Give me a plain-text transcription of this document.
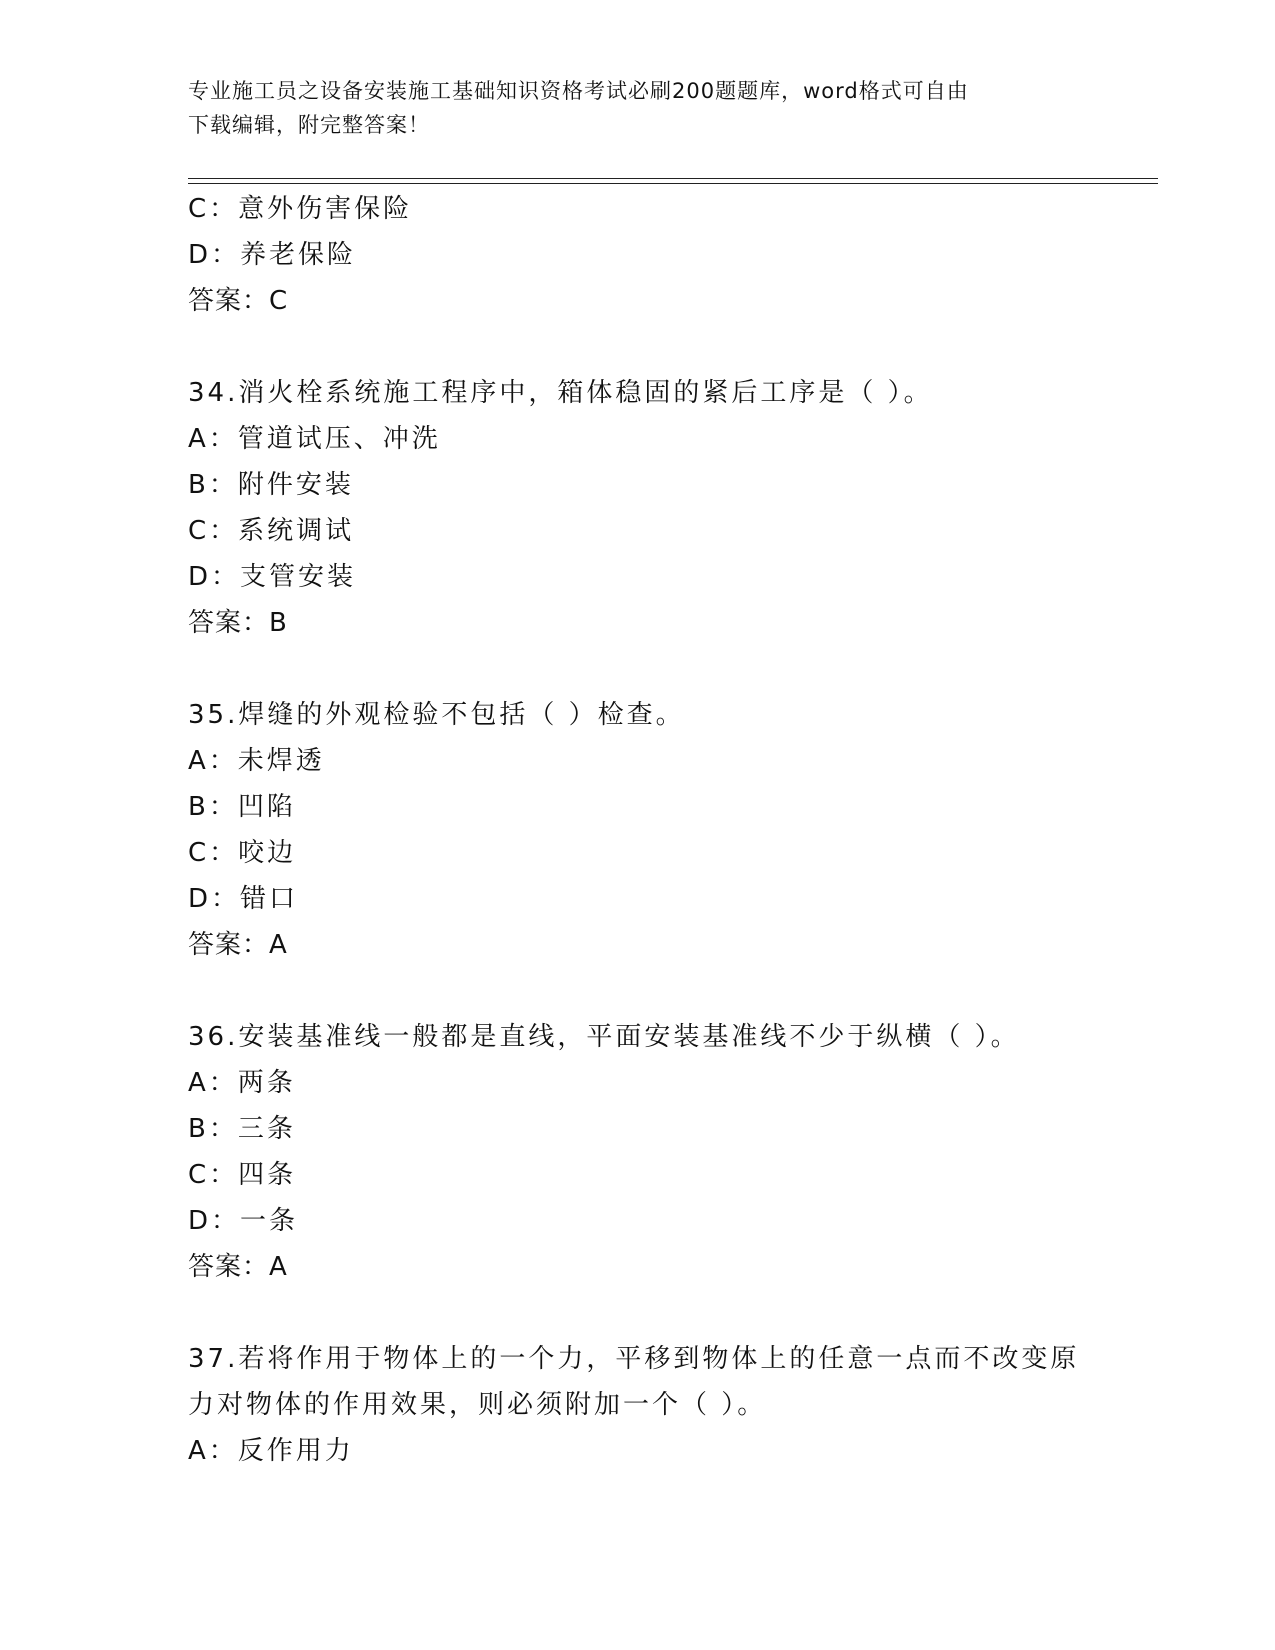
专业施工员之设备安装施工基础知识资格考试必刷200题题库，word格式可自由
下载编辑，附完整答案！
C：意外伤害保险
D：养老保险
答案：C
34.消火栓系统施工程序中，箱体稳固的紧后工序是（ ）。
A：管道试压、冲洗
B：附件安装
C：系统调试
D：支管安装
答案：B
35.焊缝的外观检验不包括（ ）检查。
A：未焊透
B：凹陷
C：咬边
D：错口
答案：A
36.安装基准线一般都是直线，平面安装基准线不少于纵横（ ）。
A：两条
B：三条
C：四条
D：一条
答案：A
37.若将作用于物体上的一个力，平移到物体上的任意一点而不改变原
力对物体的作用效果，则必须附加一个（ ）。
A：反作用力
